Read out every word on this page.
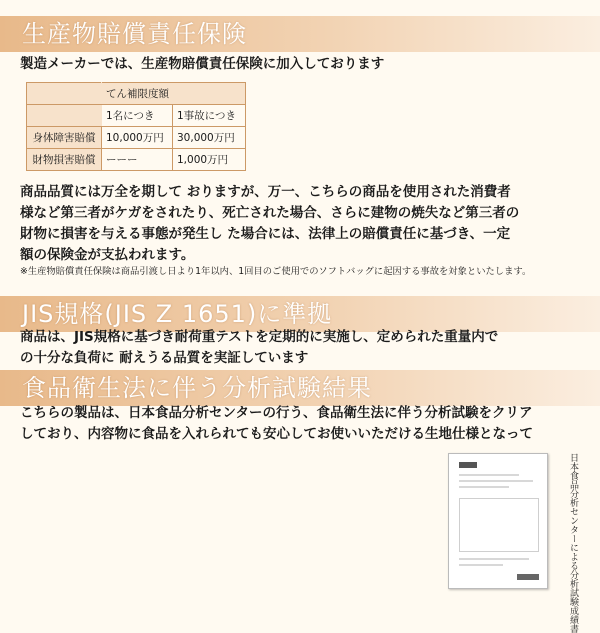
生産物賠償責任保険
製造メーカーでは、生産物賠償責任保険に加入しております
	てん補限度額	
	1名につき	1事故につき
身体障害賠償	10,000万円	30,000万円
財物損害賠償	ーーー	1,000万円
商品品質には万全を期して おりますが、万一、こちらの商品を使用された消費者
様など第三者がケガをされたり、死亡された場合、さらに建物の焼失など第三者の
財物に損害を与える事態が発生し た場合には、法律上の賠償責任に基づき、一定
額の保険金が支払われます。
※生産物賠償責任保険は商品引渡し日より1年以内、1回目のご使用でのソフトバッグに起因する事故を対象といたします。
JIS規格(JIS Z 1651)に準拠
商品は、JIS規格に基づき耐荷重テストを定期的に実施し、定められた重量内で
の十分な負荷に 耐えうる品質を実証しています
食品衛生法に伴う分析試験結果
こちらの製品は、日本食品分析センターの行う、食品衛生法に伴う分析試験をクリア
しており、内容物に食品を入れられても安心してお使いいただける生地仕様となって
日本食品分析センターによる分析試験成績書
